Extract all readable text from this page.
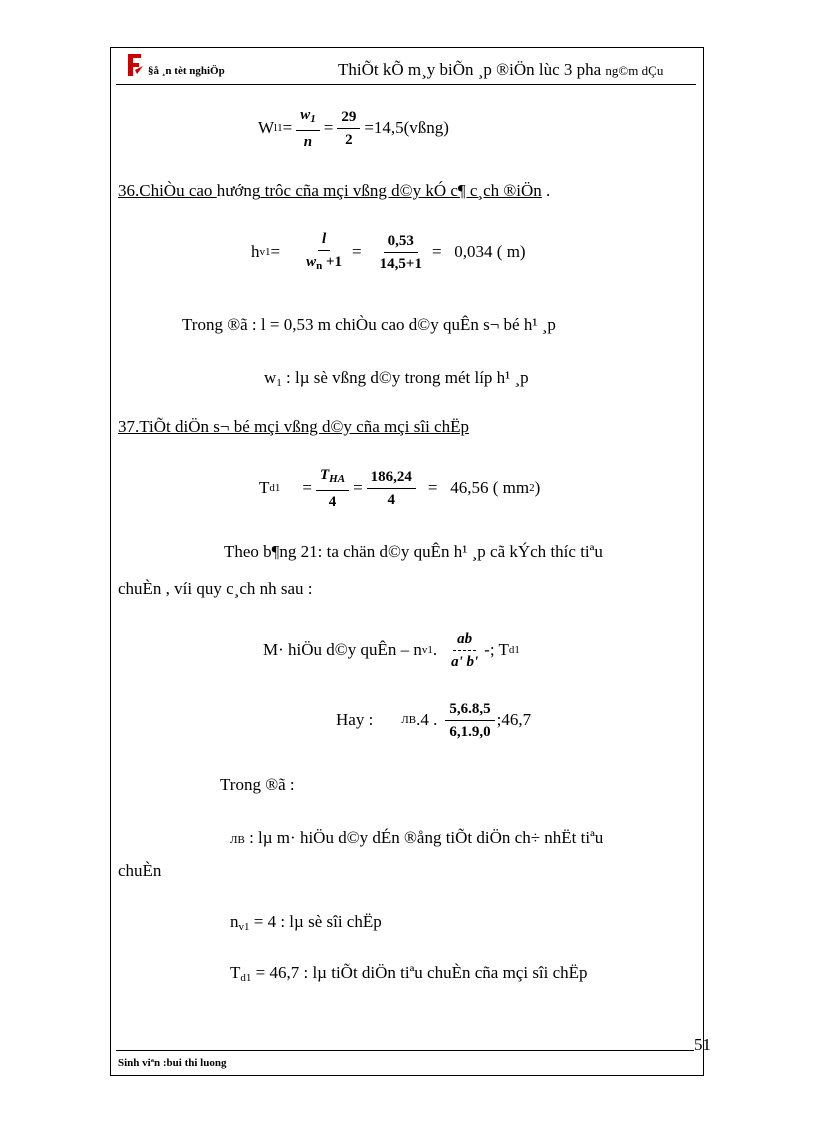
§å ¸n tèt nghiÖp	ThiÕt kÕ m¸y biÕn ¸p ®iÖn lùc 3 pha ng©m dÇu
W $l1 = \frac{w_1}{n} = \frac{29}{2}$ =14,5(vßng)
36.ChiÒu cao hướng trôc cña mçi vßng d©y kÓ c¶ c¸ch ®iÖn .
h $v1 = \frac{l}{w_n +1} = \frac{0,53}{14,5+1} = 0,034$ ( m)
Trong ®ã : l = 0,53 m chiÒu cao d©y quÊn s¬ bé h¹ ¸p
$w_1$ : lµ sè vßng d©y trong mét líp h¹ ¸p
37.TiÕt diÖn s¬ bé mçi vßng d©y cña mçi sîi chËp
T $d1 = \frac{T_{HA}}{4} = \frac{186,24}{4} = 46,56$ ( mm 2 )
Theo b¶ng 21: ta chän d©y quÊn h¹ ¸p cã kÝch thíc tiªu
chuÈn , víi quy c¸ch nh sau :
M· hiÖu d©y quÊn – n v1 . $\frac{ab}{a' b'}$ - ; T d1
Hay :	ЛВ .4 . $\frac{5,6.8,5}{6,1.9,0}$ ;46,7
Trong ®ã :
ЛВ : lµ m· hiÖu d©y dÉn ®ång tiÕt diÖn ch÷ nhËt tiªu
chuÈn
$n_{v1} = 4$ : lµ sè sîi chËp
$T_{d1} = 46,7$ : lµ tiÕt diÖn tiªu chuÈn cña mçi sîi chËp
51
Sinh viªn :bui thi luong
